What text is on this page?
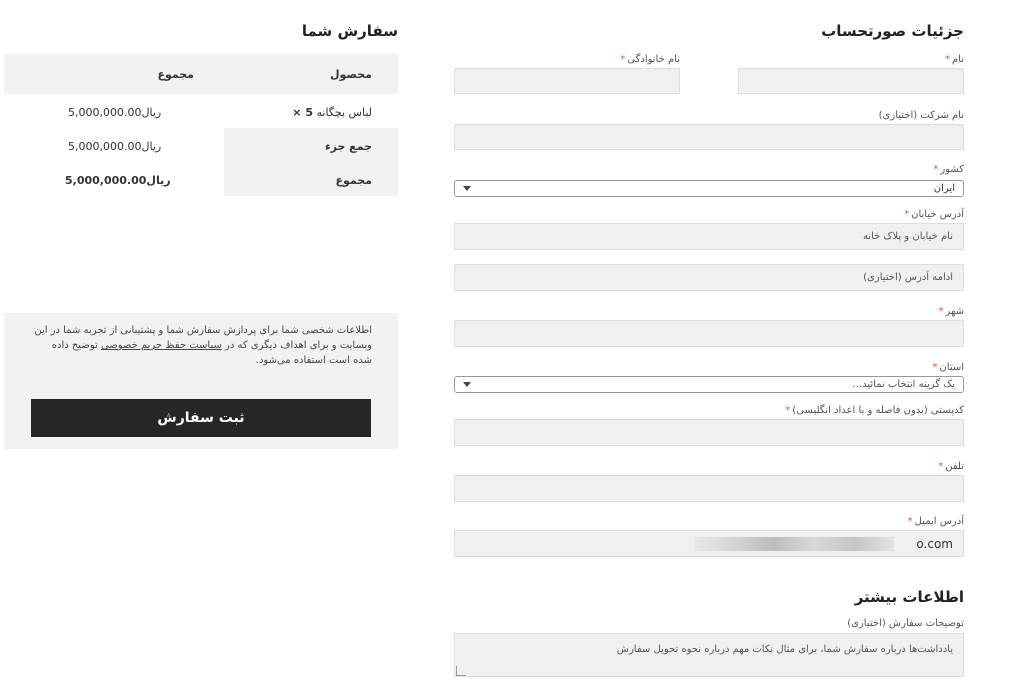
جزئیات صورتحساب
نام*
نام خانوادگی*
نام شرکت (اختیاری)
کشور*
ایران
آدرس خیابان*
نام خیابان و پلاک خانه
ادامه آدرس (اختیاری)
شهر*
استان*
یک گزینه انتخاب نمائید…
کدپستی (بدون فاصله و با اعداد انگلیسی)*
تلفن*
آدرس ایمیل*
o.com
اطلاعات بیشتر
توضیحات سفارش (اختیاری)
یادداشت‌ها درباره سفارش شما، برای مثال نکات مهم درباره نحوه تحویل سفارش
سفارش شما
محصول
مجموع
لباس بچگانه × 5
5,000,000.00ریال
جمع جزء
5,000,000.00ریال
مجموع
5,000,000.00ریال
اطلاعات شخصی شما برای پردازش سفارش شما و پشتیبانی از تجربه شما در این وبسایت و برای اهداف دیگری که در سیاست حفظ حریم خصوصی توضیح داده شده است استفاده می‌شود.
ثبت سفارش
